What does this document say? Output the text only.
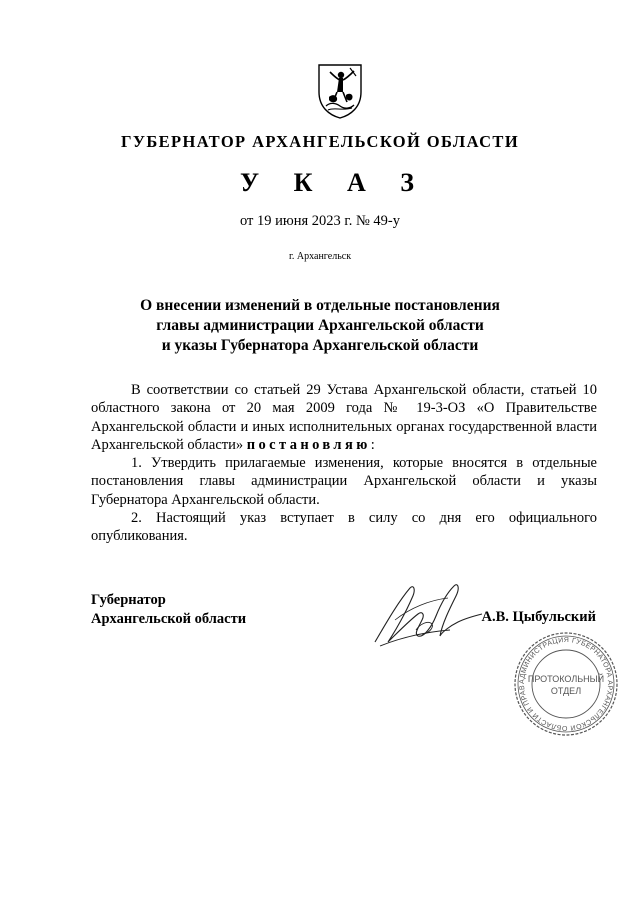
ГУБЕРНАТОР АРХАНГЕЛЬСКОЙ ОБЛАСТИ
У К А З
от 19 июня 2023 г. № 49-у
г. Архангельск
О внесении изменений в отдельные постановления
главы администрации Архангельской области
и указы Губернатора Архангельской области

В соответствии со статьей 29 Устава Архангельской области, статьей 10 областного закона от 20 мая 2009 года № 19-3-ОЗ «О Правительстве Архангельской области и иных исполнительных органах государственной власти Архангельской области» постановляю:

1. Утвердить прилагаемые изменения, которые вносятся в отдельные постановления главы администрации Архангельской области и указы Губернатора Архангельской области.

2. Настоящий указ вступает в силу со дня его официального опубликования.

Губернатор
Архангельской области	А.В. Цыбульский
АДМИНИСТРАЦИЯ ГУБЕРНАТОРА АРХАНГЕЛЬСКОЙ ОБЛАСТИ И ПРАВ
ПРОТОКОЛЬНЫЙ
ОТДЕЛ
